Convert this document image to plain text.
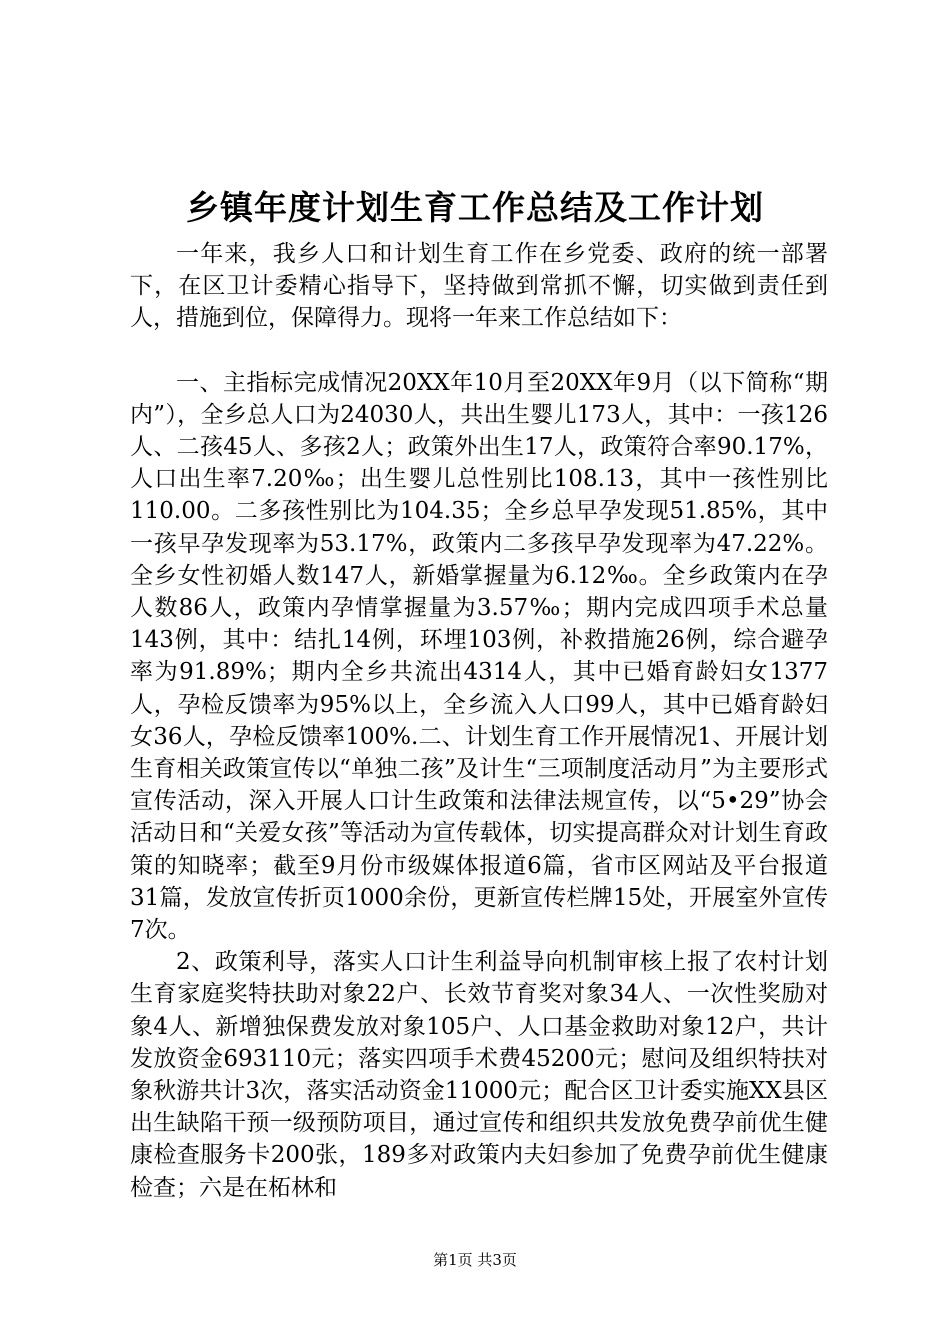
乡镇年度计划生育工作总结及工作计划

一年来，我乡人口和计划生育工作在乡党委、政府的统一部署下，在区卫计委精心指导下，坚持做到常抓不懈，切实做到责任到人，措施到位，保障得力。现将一年来工作总结如下：

一、主指标完成情况20XX年10月至20XX年9月（以下简称“期内”），全乡总人口为24030人，共出生婴儿173人，其中：一孩126人、二孩45人、多孩2人；政策外出生17人，政策符合率90.17%，人口出生率7.20‰；出生婴儿总性别比108.13，其中一孩性别比110.00。二多孩性别比为104.35；全乡总早孕发现51.85%，其中一孩早孕发现率为53.17%，政策内二多孩早孕发现率为47.22%。全乡女性初婚人数147人，新婚掌握量为6.12‰。全乡政策内在孕人数86人，政策内孕情掌握量为3.57‰；期内完成四项手术总量143例，其中：结扎14例，环埋103例，补救措施26例，综合避孕率为91.89%；期内全乡共流出4314人，其中已婚育龄妇女1377人，孕检反馈率为95%以上，全乡流入人口99人，其中已婚育龄妇女36人，孕检反馈率100%.二、计划生育工作开展情况1、开展计划生育相关政策宣传以“单独二孩”及计生“三项制度活动月”为主要形式宣传活动，深入开展人口计生政策和法律法规宣传，以“5•29”协会活动日和“关爱女孩”等活动为宣传载体，切实提高群众对计划生育政策的知晓率；截至9月份市级媒体报道6篇，省市区网站及平台报道31篇，发放宣传折页1000余份，更新宣传栏牌15处，开展室外宣传7次。

2、政策利导，落实人口计生利益导向机制审核上报了农村计划生育家庭奖特扶助对象22户、长效节育奖对象34人、一次性奖励对象4人、新增独保费发放对象105户、人口基金救助对象12户，共计发放资金693110元；落实四项手术费45200元；慰问及组织特扶对象秋游共计3次，落实活动资金11000元；配合区卫计委实施XX县区出生缺陷干预一级预防项目，通过宣传和组织共发放免费孕前优生健康检查服务卡200张，189多对政策内夫妇参加了免费孕前优生健康检查；六是在柘林和

第1页 共3页
